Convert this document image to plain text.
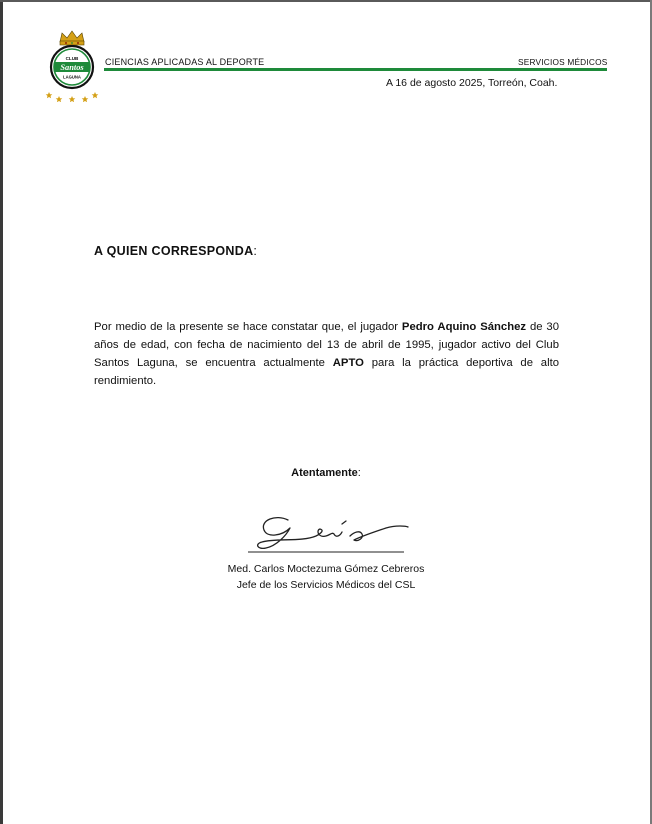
CLUB
Santos
LAGUNA
CIENCIAS APLICADAS AL DEPORTE	SERVICIOS MÉDICOS
A 16 de agosto 2025, Torreón, Coah.
A QUIEN CORRESPONDA:
Por medio de la presente se hace constatar que, el jugador Pedro Aquino Sánchez de 30 años de edad, con fecha de nacimiento del 13 de abril de 1995, jugador activo del Club Santos Laguna, se encuentra actualmente APTO para la práctica deportiva de alto rendimiento.
Atentamente:
Med. Carlos Moctezuma Gómez Cebreros
Jefe de los Servicios Médicos del CSL
